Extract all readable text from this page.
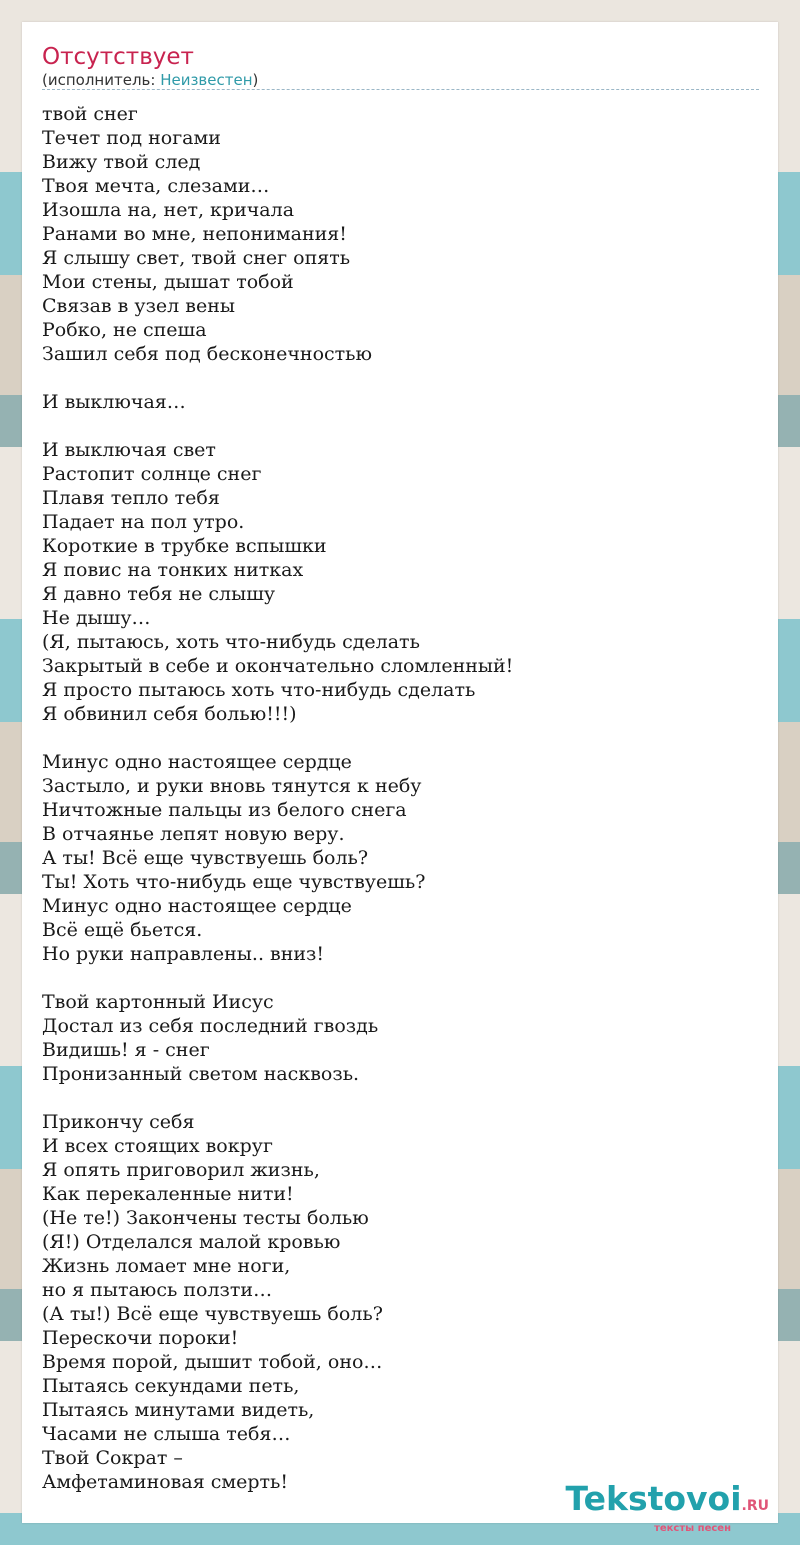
Отсутствует
(исполнитель: Неизвестен)
твой снег
Течет под ногами
Вижу твой след
Твоя мечта, слезами…
Изошла на, нет, кричала
Ранами во мне, непонимания!
Я слышу свет, твой снег опять
Мои стены, дышат тобой
Связав в узел вены
Робко, не спеша
Зашил себя под бесконечностью
И выключая…
И выключая свет
Растопит солнце снег
Плавя тепло тебя
Падает на пол утро.
Короткие в трубке вспышки
Я повис на тонких нитках
Я давно тебя не слышу
Не дышу…
(Я, пытаюсь, хоть что-нибудь сделать
Закрытый в себе и окончательно сломленный!
Я просто пытаюсь хоть что-нибудь сделать
Я обвинил себя болью!!!)
Минус одно настоящее сердце
Застыло, и руки вновь тянутся к небу
Ничтожные пальцы из белого снега
В отчаянье лепят новую веру.
А ты! Всё еще чувствуешь боль?
Ты! Хоть что-нибудь еще чувствуешь?
Минус одно настоящее сердце
Всё ещё бьется.
Но руки направлены.. вниз!
Твой картонный Иисус
Достал из себя последний гвоздь
Видишь! я - снег
Пронизанный светом насквозь.
Прикончу себя
И всех стоящих вокруг
Я опять приговорил жизнь,
Как перекаленные нити!
(Не те!) Закончены тесты болью
(Я!) Отделался малой кровью
Жизнь ломает мне ноги,
но я пытаюсь ползти…
(А ты!) Всё еще чувствуешь боль?
Перескочи пороки!
Время порой, дышит тобой, оно…
Пытаясь секундами петь,
Пытаясь минутами видеть,
Часами не слыша тебя…
Твой Сократ –
Амфетаминовая смерть!	Tekstovoi.RU
тексты песен
